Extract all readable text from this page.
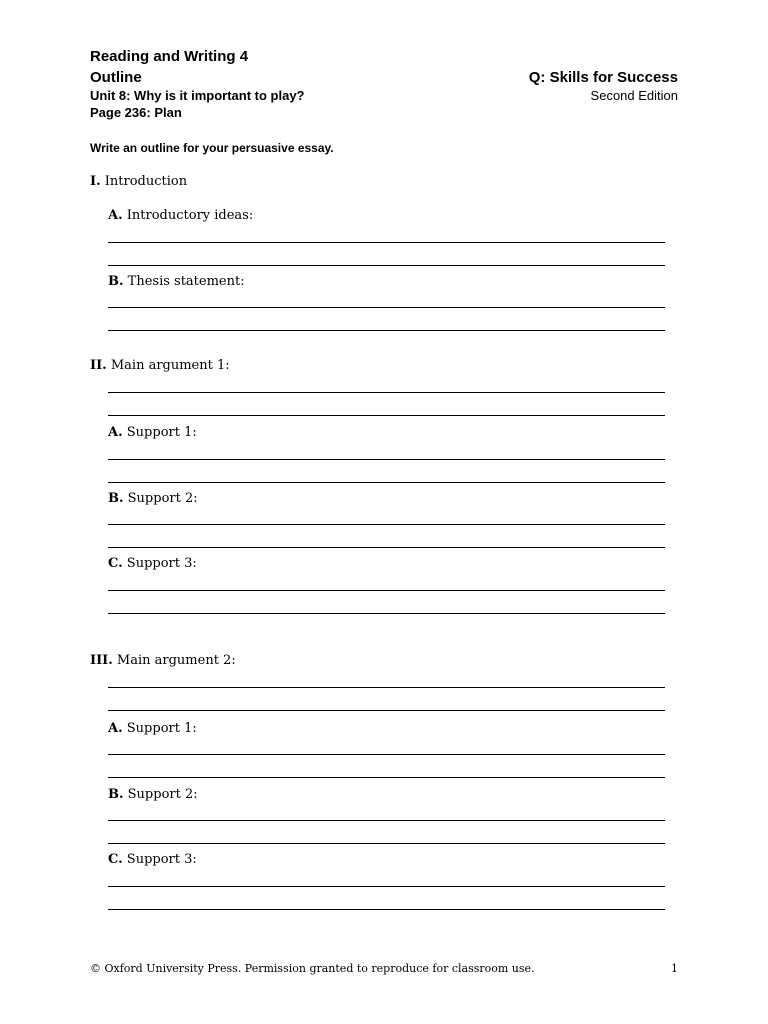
Reading and Writing 4
Outline	Q: Skills for Success
Unit 8: Why is it important to play?	Second Edition
Page 236: Plan
Write an outline for your persuasive essay.
I. Introduction
A. Introductory ideas:
B. Thesis statement:
II. Main argument 1:
A. Support 1:
B. Support 2:
C. Support 3:
III. Main argument 2:
A. Support 1:
B. Support 2:
C. Support 3:
© Oxford University Press. Permission granted to reproduce for classroom use.	1
